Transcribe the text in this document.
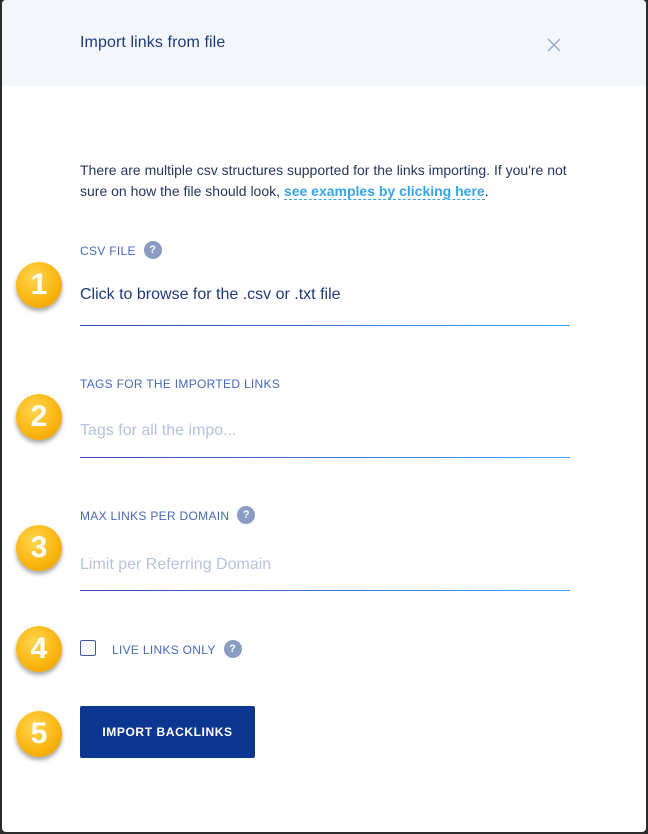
Import links from file
There are multiple csv structures supported for the links importing. If you're not sure on how the file should look, see examples by clicking here.
CSV FILE ?
Click to browse for the .csv or .txt file
TAGS FOR THE IMPORTED LINKS
Tags for all the impo...
MAX LINKS PER DOMAIN ?
Limit per Referring Domain
LIVE LINKS ONLY ?
IMPORT BACKLINKS
1
2
3
4
5
